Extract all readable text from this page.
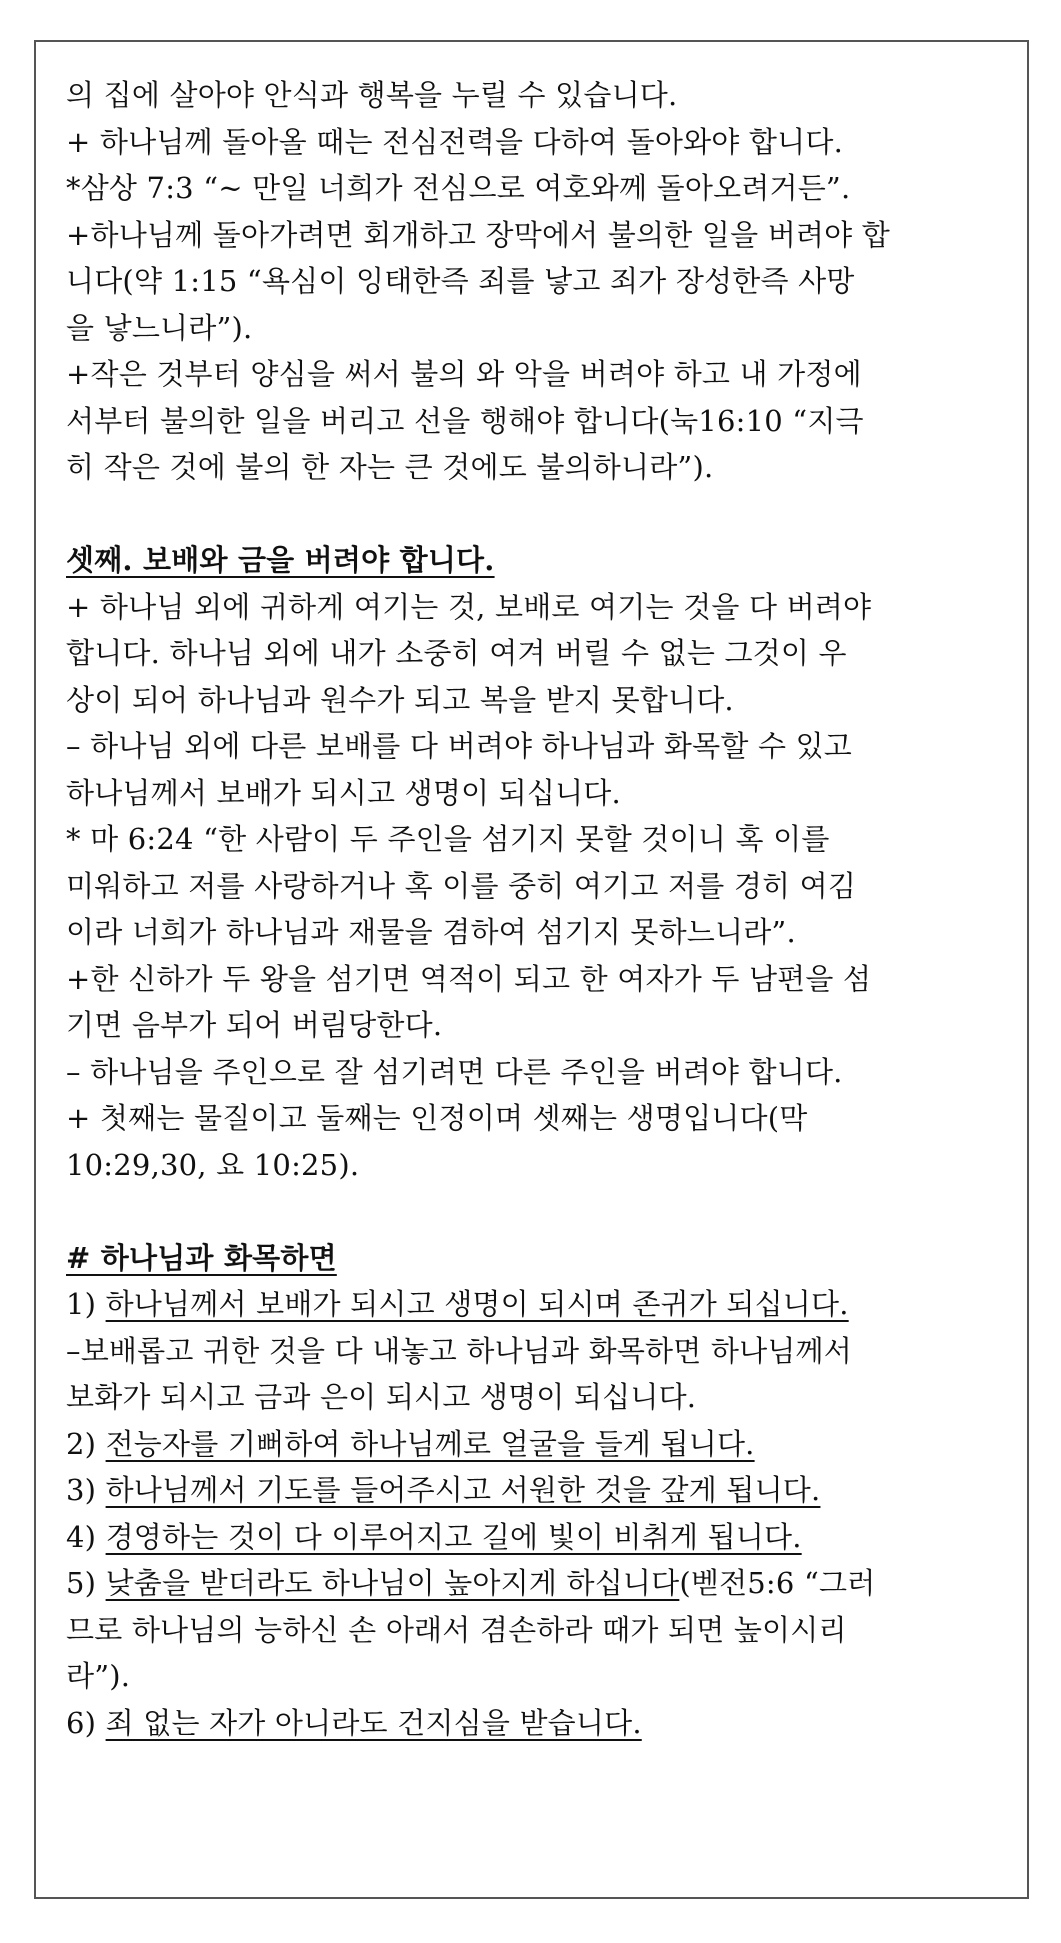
의 집에 살아야 안식과 행복을 누릴 수 있습니다.
+ 하나님께 돌아올 때는 전심전력을 다하여 돌아와야 합니다.
*삼상 7:3 “~ 만일 너희가 전심으로 여호와께 돌아오려거든”.
+하나님께 돌아가려면 회개하고 장막에서 불의한 일을 버려야 합
니다(약 1:15 “욕심이 잉태한즉 죄를 낳고 죄가 장성한즉 사망
을 낳느니라”).
+작은 것부터 양심을 써서 불의 와 악을 버려야 하고 내 가정에
서부터 불의한 일을 버리고 선을 행해야 합니다(눅16:10 “지극
히 작은 것에 불의 한 자는 큰 것에도 불의하니라”).
셋째. 보배와 금을 버려야 합니다.
+ 하나님 외에 귀하게 여기는 것, 보배로 여기는 것을 다 버려야
합니다. 하나님 외에 내가 소중히 여겨 버릴 수 없는 그것이 우
상이 되어 하나님과 원수가 되고 복을 받지 못합니다.
– 하나님 외에 다른 보배를 다 버려야 하나님과 화목할 수 있고
하나님께서 보배가 되시고 생명이 되십니다.
* 마 6:24 “한 사람이 두 주인을 섬기지 못할 것이니 혹 이를
미워하고 저를 사랑하거나 혹 이를 중히 여기고 저를 경히 여김
이라 너희가 하나님과 재물을 겸하여 섬기지 못하느니라”.
+한 신하가 두 왕을 섬기면 역적이 되고 한 여자가 두 남편을 섬
기면 음부가 되어 버림당한다.
– 하나님을 주인으로 잘 섬기려면 다른 주인을 버려야 합니다.
+ 첫째는 물질이고 둘째는 인정이며 셋째는 생명입니다(막
10:29,30, 요 10:25).
# 하나님과 화목하면
1) 하나님께서 보배가 되시고 생명이 되시며 존귀가 되십니다.
–보배롭고 귀한 것을 다 내놓고 하나님과 화목하면 하나님께서
보화가 되시고 금과 은이 되시고 생명이 되십니다.
2) 전능자를 기뻐하여 하나님께로 얼굴을 들게 됩니다.
3) 하나님께서 기도를 들어주시고 서원한 것을 갚게 됩니다.
4) 경영하는 것이 다 이루어지고 길에 빛이 비취게 됩니다.
5) 낮춤을 받더라도 하나님이 높아지게 하십니다(벧전5:6 “그러
므로 하나님의 능하신 손 아래서 겸손하라 때가 되면 높이시리
라”).
6) 죄 없는 자가 아니라도 건지심을 받습니다.
